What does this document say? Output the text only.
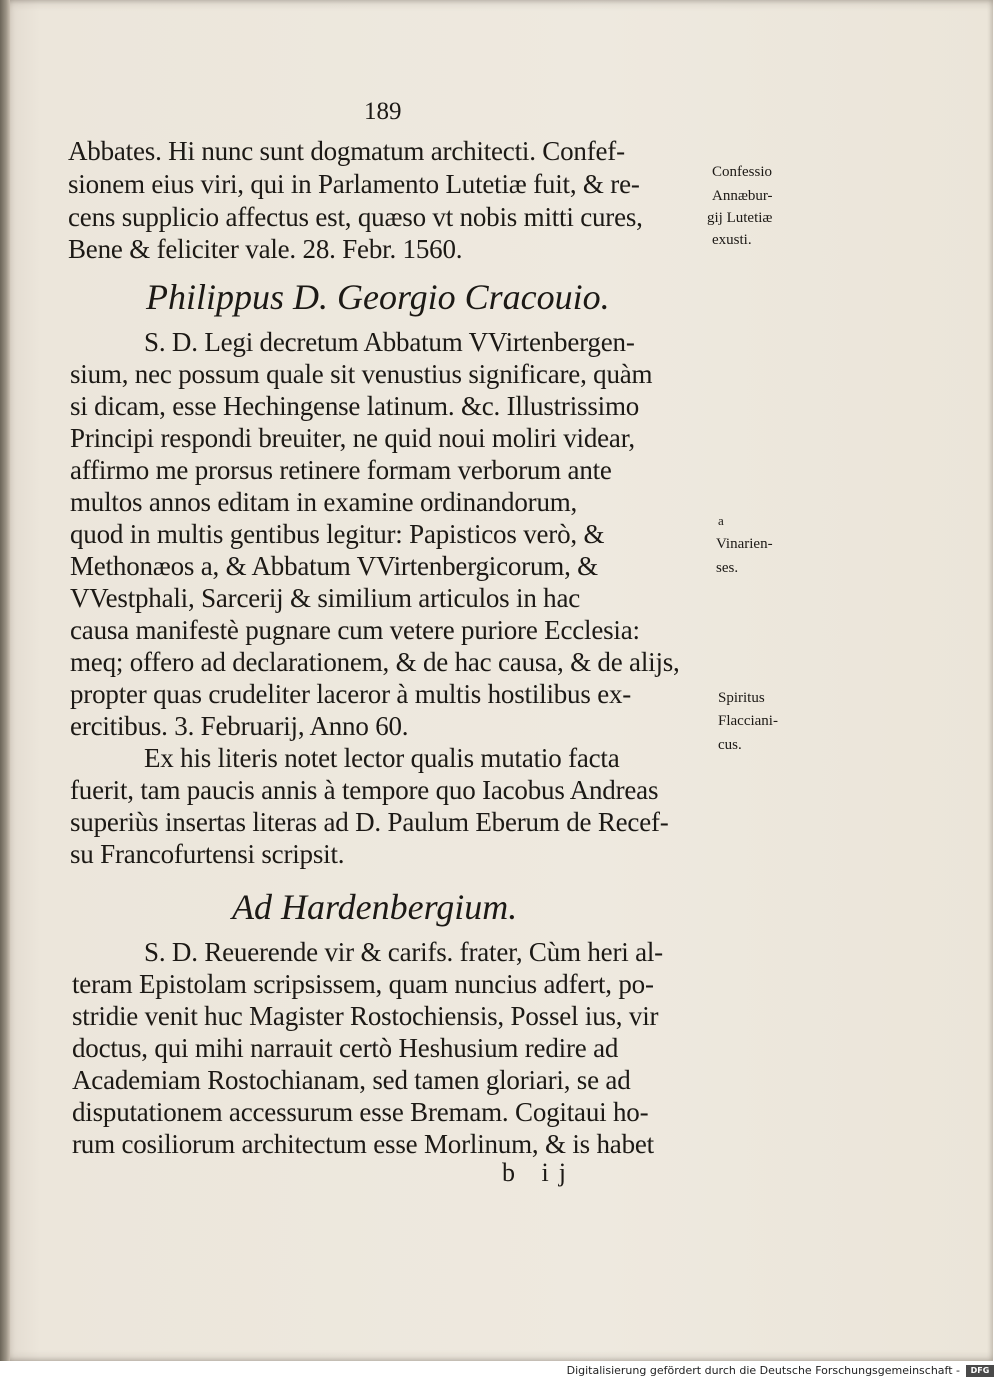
189
Abbates. Hi nunc sunt dogmatum architecti. Confef-
sionem eius viri, qui in Parlamento Lutetiæ fuit, & re-
cens supplicio affectus est, quæso vt nobis mitti cures,
Bene & feliciter vale. 28. Febr. 1560.
Philippus D. Georgio Cracouio.
S. D. Legi decretum Abbatum VVirtenbergen-
sium, nec possum quale sit venustius significare, quàm
si dicam, esse Hechingense latinum. &c. Illustrissimo
Principi respondi breuiter, ne quid noui moliri videar,
affirmo me prorsus retinere formam verborum ante
multos annos editam in examine ordinandorum,
quod in multis gentibus legitur: Papisticos verò, &
Methonæos a, & Abbatum VVirtenbergicorum, &
VVestphali, Sarcerij & similium articulos in hac
causa manifestè pugnare cum vetere puriore Ecclesia:
meq; offero ad declarationem, & de hac causa, & de alijs,
propter quas crudeliter laceror à multis hostilibus ex-
ercitibus. 3. Februarij, Anno 60.
Ex his literis notet lector qualis mutatio facta
fuerit, tam paucis annis à tempore quo Iacobus Andreas
superiùs insertas literas ad D. Paulum Eberum de Recef-
su Francofurtensi scripsit.
Ad Hardenbergium.
S. D. Reuerende vir & carifs. frater, Cùm heri al-
teram Epistolam scripsissem, quam nuncius adfert, po-
stridie venit huc Magister Rostochiensis, Possel ius, vir
doctus, qui mihi narrauit certò Heshusium redire ad
Academiam Rostochianam, sed tamen gloriari, se ad
disputationem accessurum esse Bremam. Cogitaui ho-
rum cosiliorum architectum esse Morlinum, & is habet
b ij
Confessio
Annæbur-
gij Lutetiæ
exusti.
a
Vinarien-
ses.
Spiritus
Flacciani-
cus.
Digitalisierung gefördert durch die Deutsche Forschungsgemeinschaft -	DFG
